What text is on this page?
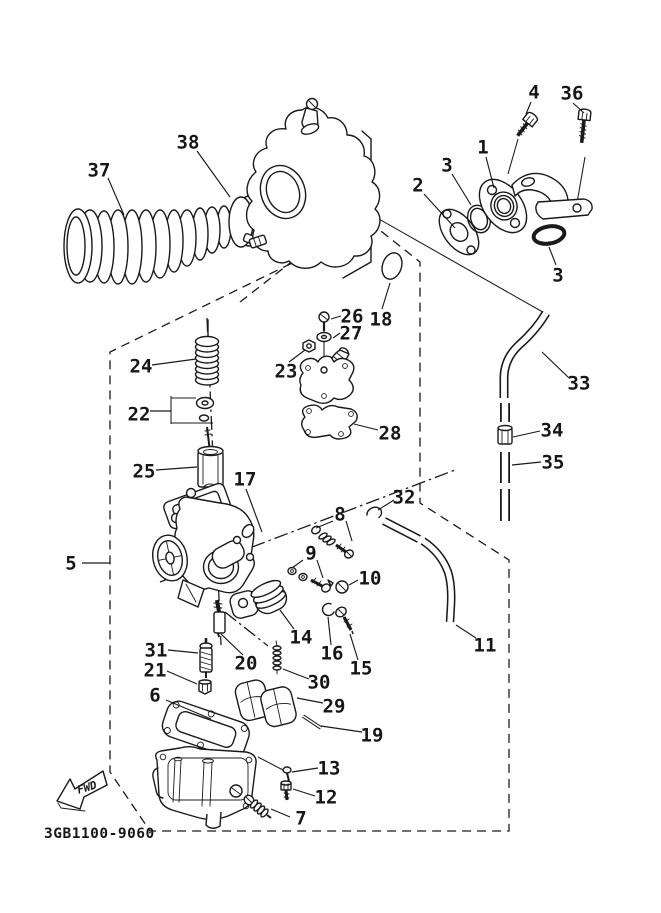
37
38
4 36
1
3
2
3
18
26
27
23
24
22
25
28
33
34
35
32
17
8
9
10
5
14
16
15
11
31
20
21
30
6	29
19
13
12
7
FWD
3GB1100-9060
